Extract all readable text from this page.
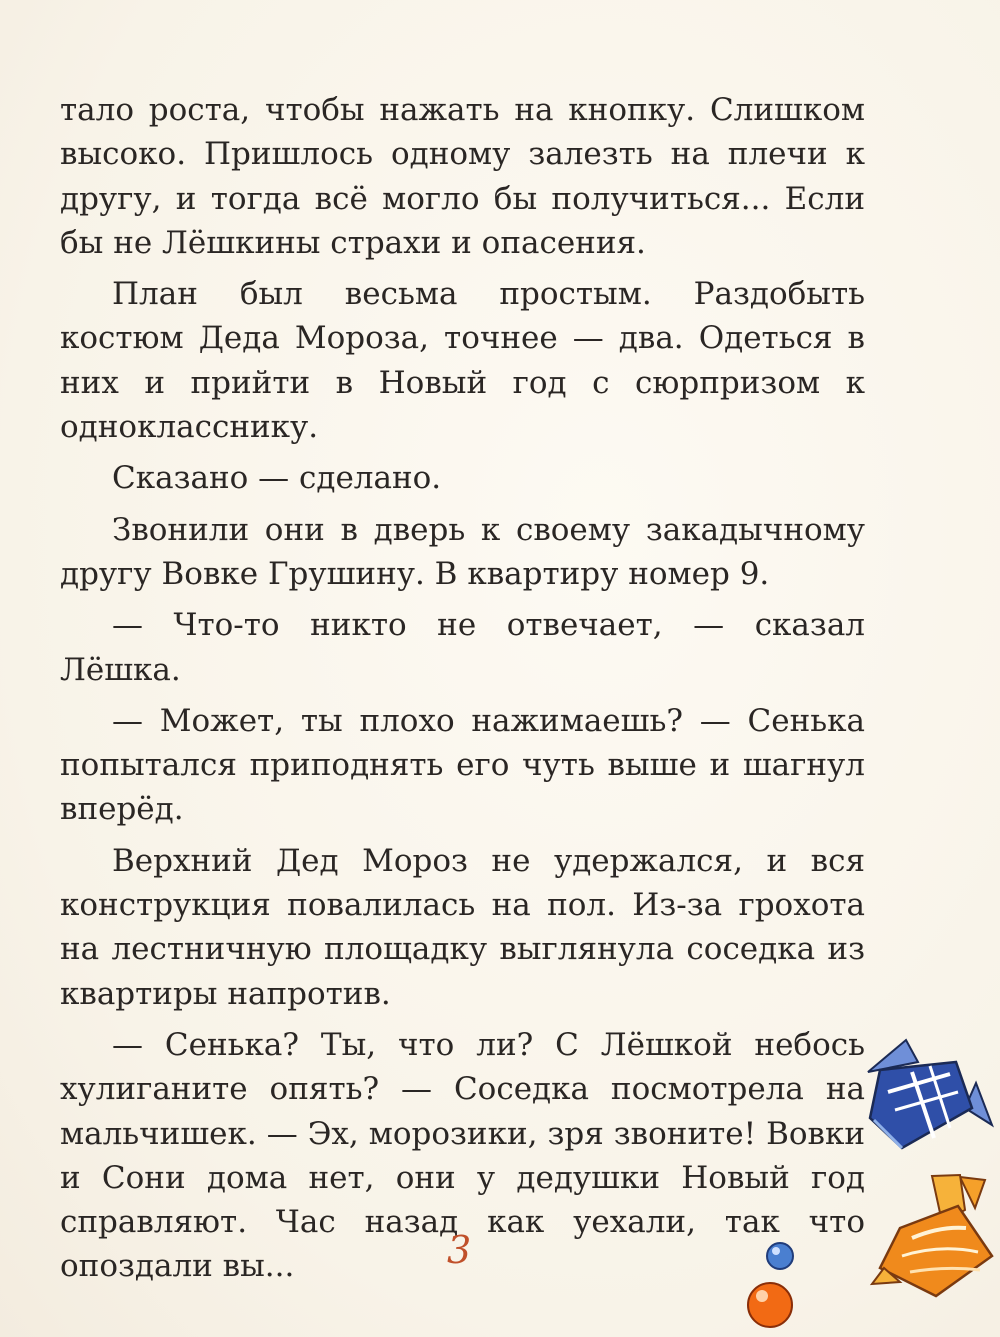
тало роста, чтобы нажать на кнопку. Слишком высоко. Пришлось одному залезть на плечи к другу, и тогда всё могло бы получиться... Если бы не Лёшкины страхи и опасения.

План был весьма простым. Раздобыть костюм Деда Мороза, точнее — два. Одеться в них и прийти в Новый год с сюрпризом к однокласснику.

Сказано — сделано.

Звонили они в дверь к своему закадычному другу Вовке Грушину. В квартиру номер 9.

— Что-то никто не отвечает, — сказал Лёшка.

— Может, ты плохо нажимаешь? — Сенька попытался приподнять его чуть выше и шагнул вперёд.

Верхний Дед Мороз не удержался, и вся конструкция повалилась на пол. Из-за грохота на лестничную площадку выглянула соседка из квартиры напротив.

— Сенька? Ты, что ли? С Лёшкой небось хулиганите опять? — Соседка посмотрела на мальчишек. — Эх, морозики, зря звоните! Вовки и Сони дома нет, они у дедушки Новый год справляют. Час назад как уехали, так что опоздали вы...	3
